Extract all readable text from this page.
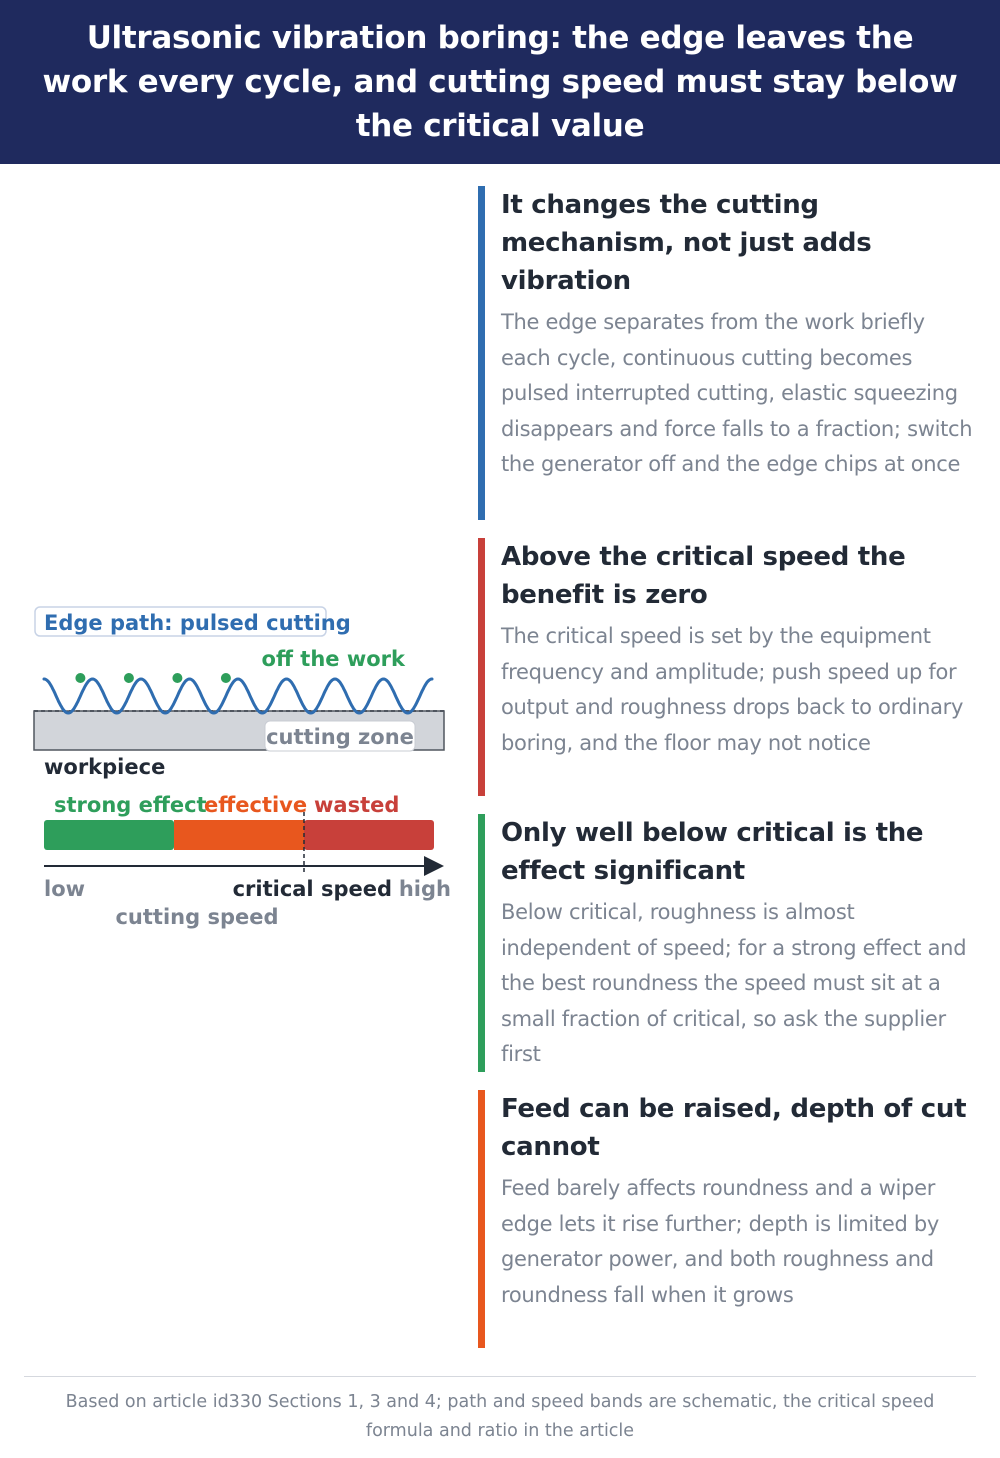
Ultrasonic vibration boring: the edge leaves the work every cycle, and cutting speed must stay below the critical value
Edge path: pulsed cutting
off the work
cutting zone
workpiece
strong effect
effective wasted
low	critical speed high
cutting speed
It changes the cutting mechanism, not just adds vibration

The edge separates from the work briefly each cycle, continuous cutting becomes pulsed interrupted cutting, elastic squeezing disappears and force falls to a fraction; switch the generator off and the edge chips at once

Above the critical speed the benefit is zero

The critical speed is set by the equipment frequency and amplitude; push speed up for output and roughness drops back to ordinary boring, and the floor may not notice

Only well below critical is the effect significant

Below critical, roughness is almost independent of speed; for a strong effect and the best roundness the speed must sit at a small fraction of critical, so ask the supplier first

Feed can be raised, depth of cut cannot

Feed barely affects roundness and a wiper edge lets it rise further; depth is limited by generator power, and both roughness and roundness fall when it grows

Based on article id330 Sections 1, 3 and 4; path and speed bands are schematic, the critical speed formula and ratio in the article
